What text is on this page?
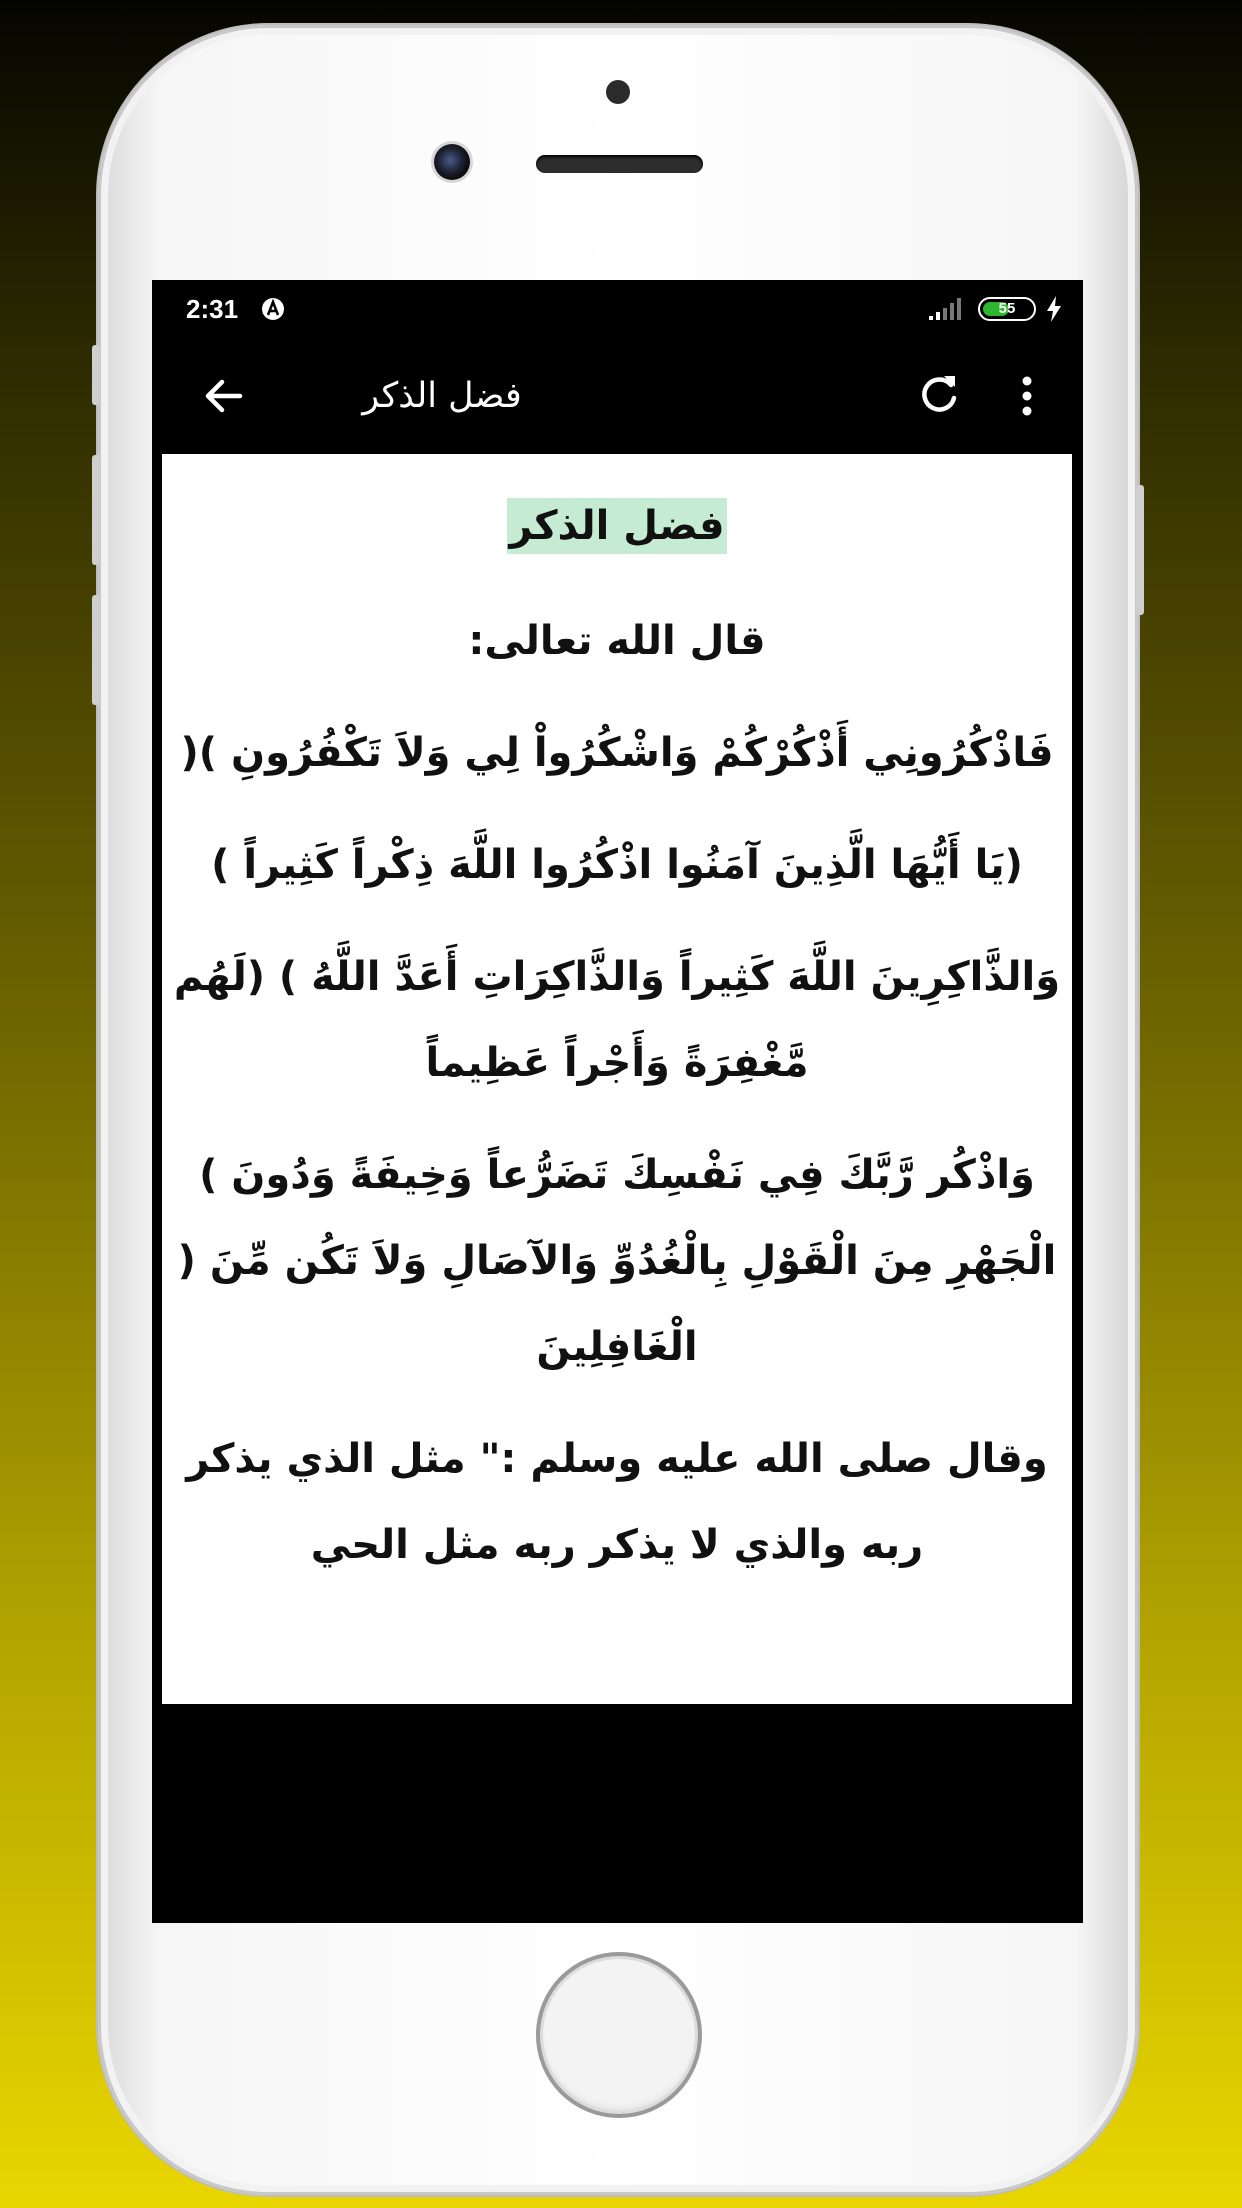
2:31	55
فضل الذكر
فضل الذكر

قال الله تعالى:

فَاذْكُرُونِي أَذْكُرْكُمْ وَاشْكُرُواْ لِي وَلاَ تَكْفُرُونِ )(

(يَا أَيُّهَا الَّذِينَ آمَنُوا اذْكُرُوا اللَّهَ ذِكْراً كَثِيراً )

وَالذَّاكِرِينَ اللَّهَ كَثِيراً وَالذَّاكِرَاتِ أَعَدَّ اللَّهُ ) (لَهُم مَّغْفِرَةً وَأَجْراً عَظِيماً

وَاذْكُر رَّبَّكَ فِي نَفْسِكَ تَضَرُّعاً وَخِيفَةً وَدُونَ ) الْجَهْرِ مِنَ الْقَوْلِ بِالْغُدُوِّ وَالآصَالِ وَلاَ تَكُن مِّنَ ( الْغَافِلِينَ

وقال صلى الله عليه وسلم :" مثل الذي يذكر ربه والذي لا يذكر ربه مثل الحي
